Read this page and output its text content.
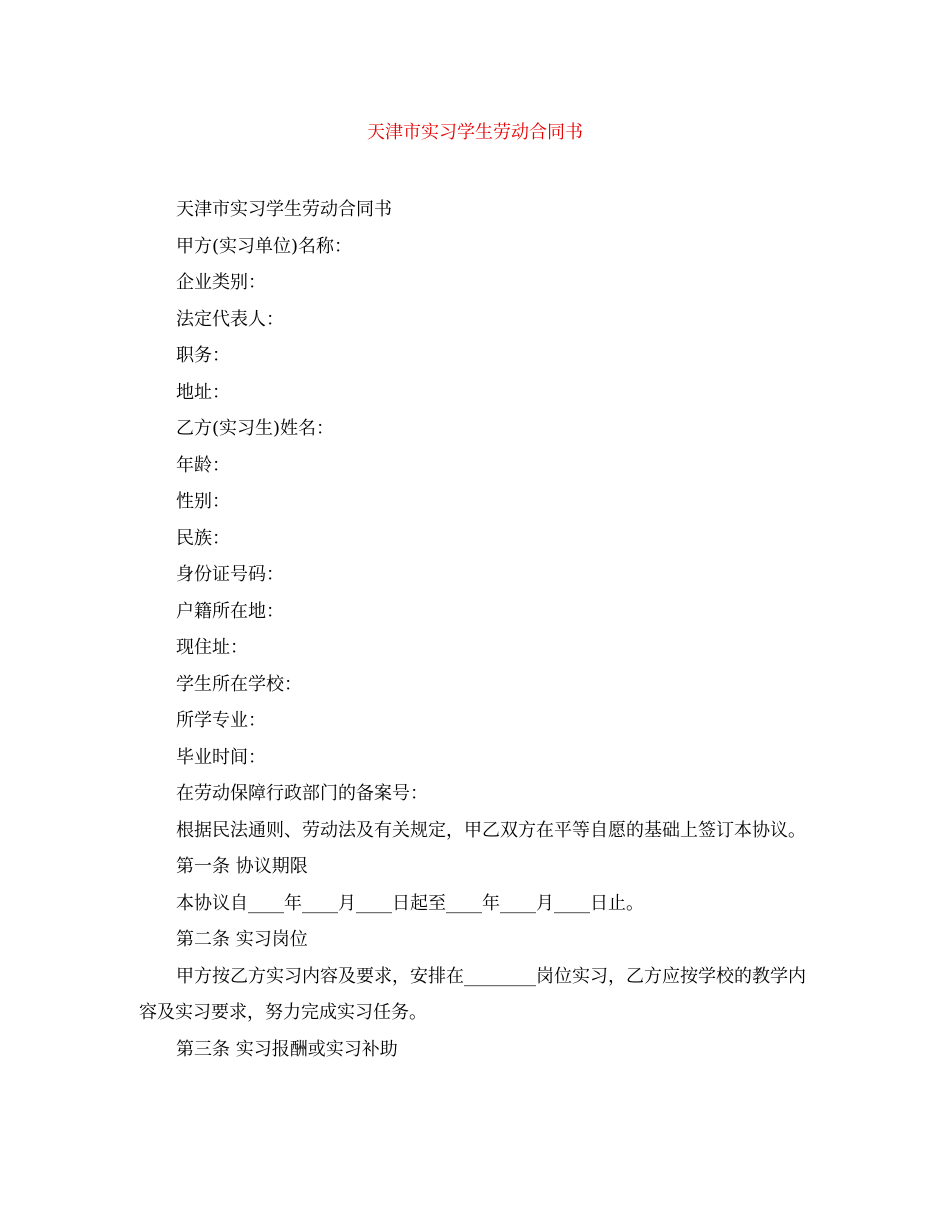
天津市实习学生劳动合同书

天津市实习学生劳动合同书

甲方(实习单位)名称：

企业类别：

法定代表人：

职务：

地址：

乙方(实习生)姓名：

年龄：

性别：

民族：

身份证号码：

户籍所在地：

现住址：

学生所在学校：

所学专业：

毕业时间：

在劳动保障行政部门的备案号：

根据民法通则、劳动法及有关规定，甲乙双方在平等自愿的基础上签订本协议。

第一条 协议期限

本协议自____年____月____日起至____年____月____日止。

第二条 实习岗位

甲方按乙方实习内容及要求，安排在________岗位实习，乙方应按学校的教学内容及实习要求，努力完成实习任务。

第三条 实习报酬或实习补助
